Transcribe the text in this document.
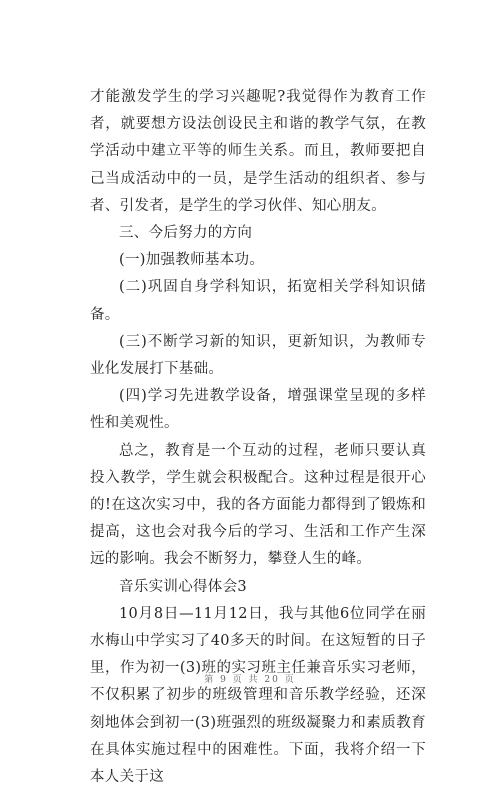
才能激发学生的学习兴趣呢?我觉得作为教育工作者，就要想方设法创设民主和谐的教学气氛，在教学活动中建立平等的师生关系。而且，教师要把自己当成活动中的一员，是学生活动的组织者、参与者、引发者，是学生的学习伙伴、知心朋友。

三、今后努力的方向

(一)加强教师基本功。

(二)巩固自身学科知识，拓宽相关学科知识储备。

(三)不断学习新的知识，更新知识，为教师专业化发展打下基础。

(四)学习先进教学设备，增强课堂呈现的多样性和美观性。

总之，教育是一个互动的过程，老师只要认真投入教学，学生就会积极配合。这种过程是很开心的!在这次实习中，我的各方面能力都得到了锻炼和提高，这也会对我今后的学习、生活和工作产生深远的影响。我会不断努力，攀登人生的峰。

音乐实训心得体会3

10月8日—11月12日，我与其他6位同学在丽水梅山中学实习了40多天的时间。在这短暂的日子里，作为初一(3)班的实习班主任兼音乐实习老师，不仅积累了初步的班级管理和音乐教学经验，还深刻地体会到初一(3)班强烈的班级凝聚力和素质教育在具体实施过程中的困难性。下面，我将介绍一下本人关于这

第 9 页 共 20 页
